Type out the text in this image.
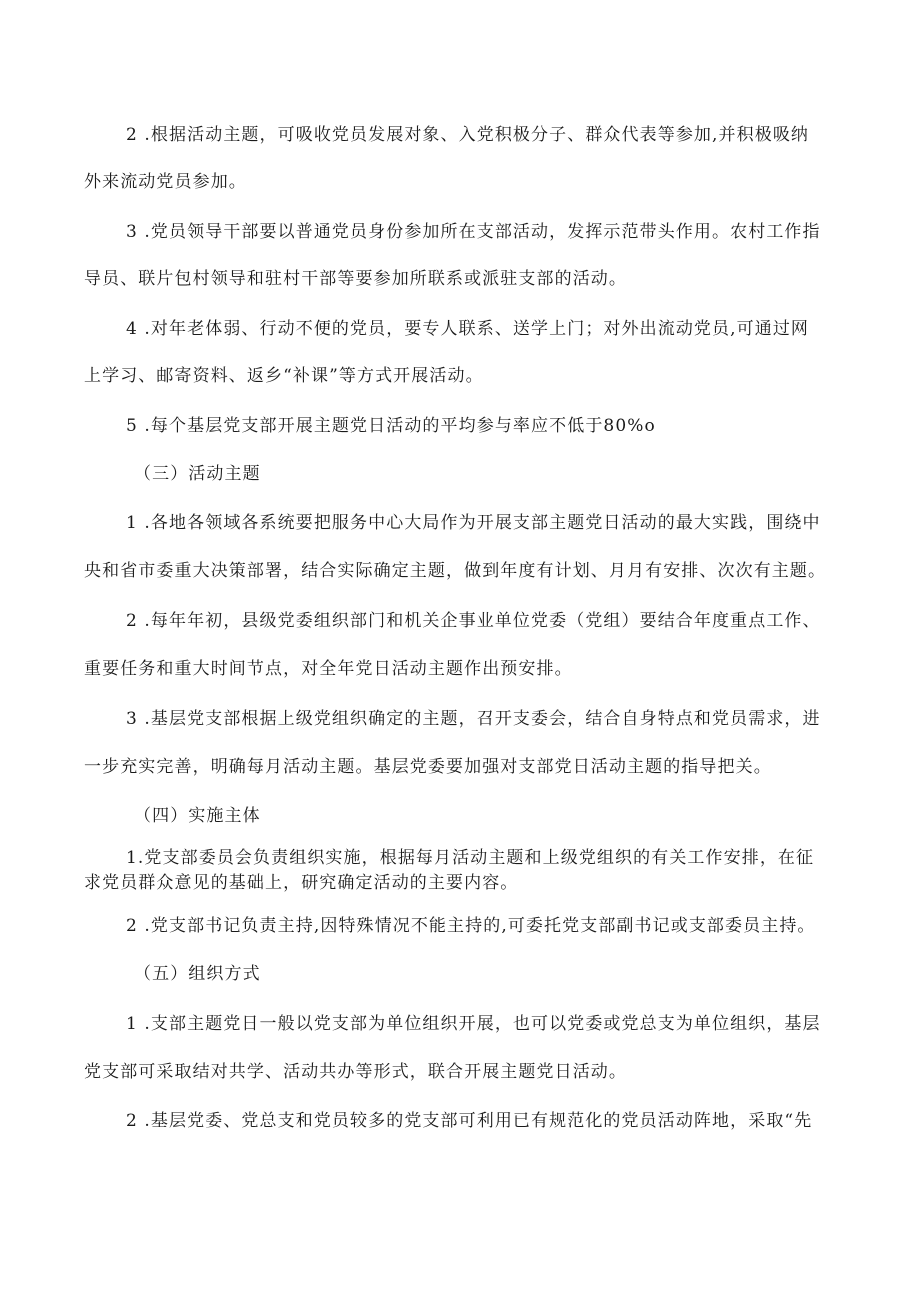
2 .根据活动主题，可吸收党员发展对象、入党积极分子、群众代表等参加,并积极吸纳
外来流动党员参加。
3 .党员领导干部要以普通党员身份参加所在支部活动，发挥示范带头作用。农村工作指
导员、联片包村领导和驻村干部等要参加所联系或派驻支部的活动。
4 .对年老体弱、行动不便的党员，要专人联系、送学上门；对外出流动党员,可通过网
上学习、邮寄资料、返乡“补课”等方式开展活动。
5 .每个基层党支部开展主题党日活动的平均参与率应不低于80%o
（三）活动主题
1 .各地各领域各系统要把服务中心大局作为开展支部主题党日活动的最大实践，围绕中
央和省市委重大决策部署，结合实际确定主题，做到年度有计划、月月有安排、次次有主题。
2 .每年年初，县级党委组织部门和机关企事业单位党委（党组）要结合年度重点工作、
重要任务和重大时间节点，对全年党日活动主题作出预安排。
3 .基层党支部根据上级党组织确定的主题，召开支委会，结合自身特点和党员需求，进
一步充实完善，明确每月活动主题。基层党委要加强对支部党日活动主题的指导把关。
（四）实施主体
1.党支部委员会负责组织实施，根据每月活动主题和上级党组织的有关工作安排，在征
求党员群众意见的基础上，研究确定活动的主要内容。
2 .党支部书记负责主持,因特殊情况不能主持的,可委托党支部副书记或支部委员主持。
（五）组织方式
1 .支部主题党日一般以党支部为单位组织开展，也可以党委或党总支为单位组织，基层
党支部可采取结对共学、活动共办等形式，联合开展主题党日活动。
2 .基层党委、党总支和党员较多的党支部可利用已有规范化的党员活动阵地，采取“先
